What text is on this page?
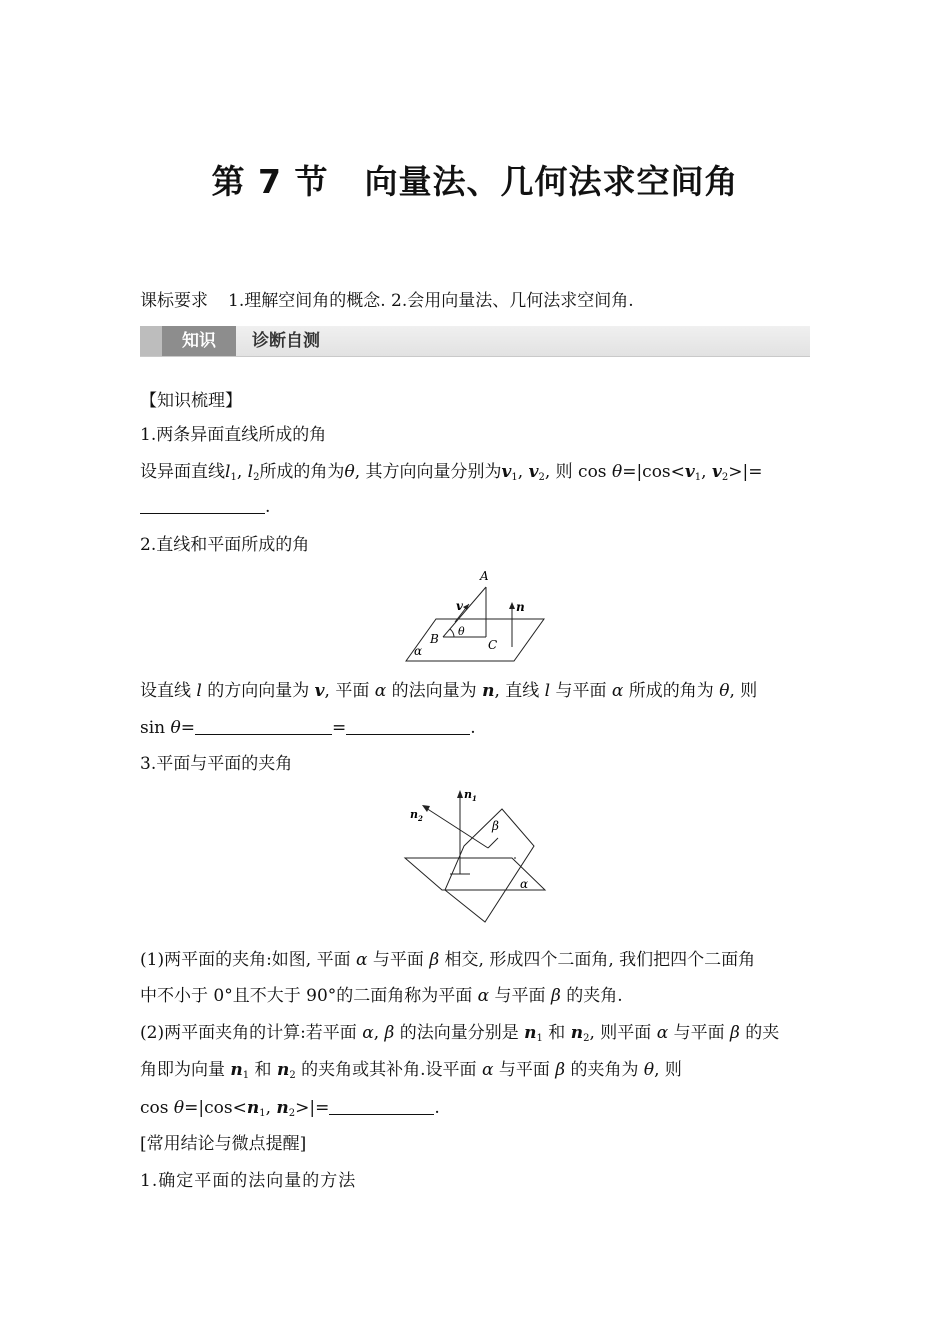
第 7 节 向量法、几何法求空间角
课标要求 1.理解空间角的概念. 2.会用向量法、几何法求空间角.
知识	诊断自测
【知识梳理】
1.两条异面直线所成的角
设异面直线$l_1$, $l_2$所成的角为θ, 其方向向量分别为$v_1$, $v_2$, 则 $\cos \theta=|\cos<v_1$, $v_2>|=$
.
2.直线和平面所成的角
A
B	C
v	n
θ
α
设直线 l 的方向向量为 v, 平面 α 的法向量为 n, 直线 l 与平面 α 所成的角为 θ, 则
sin θ=	=	.
3.平面与平面的夹角
$n_1$
$n_2$
β
α
(1)两平面的夹角:如图, 平面 α 与平面 β 相交, 形成四个二面角, 我们把四个二面角
中不小于 0°且不大于 90°的二面角称为平面 α 与平面 β 的夹角.
(2)两平面夹角的计算:若平面 α, β 的法向量分别是 $n_1$ 和 $n_2$, 则平面 α 与平面 β 的夹
角即为向量 $n_1$ 和 $n_2$ 的夹角或其补角.设平面 α 与平面 β 的夹角为 θ, 则
$\cos \theta=|\cos<n_1$, $n_2>|=$	.
[常用结论与微点提醒]
1.确定平面的法向量的方法
